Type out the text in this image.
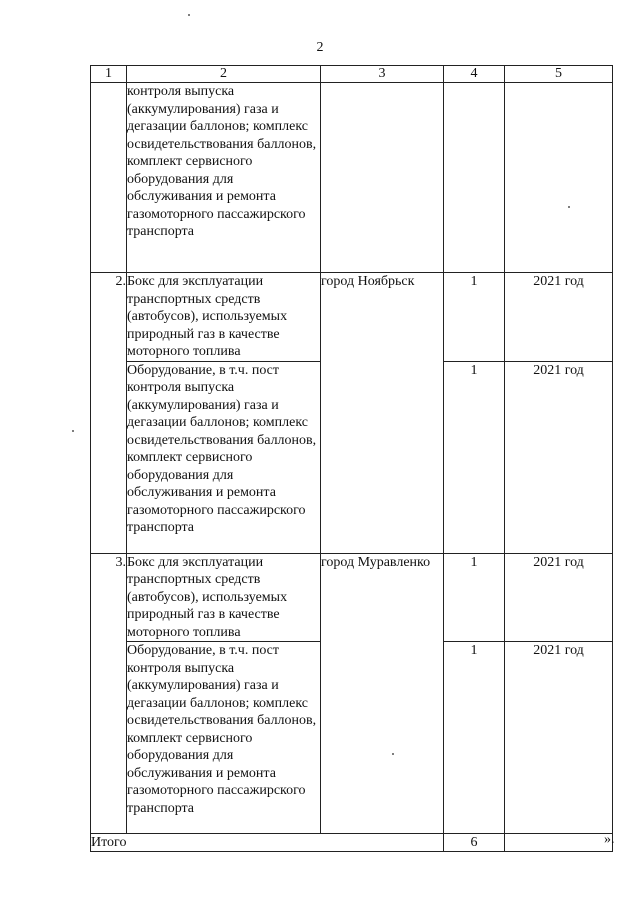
2
1	2	3	4	5
	контроля выпуска (аккумулирования) газа и дегазации баллонов; комплекс освидетельствования баллонов, комплект сервисного оборудования для обслуживания и ремонта газомоторного пассажирского транспорта			
2.	Бокс для эксплуатации транспортных средств (автобусов), используемых природный газ в качестве моторного топлива	город Ноябрьск	1	2021 год
	Оборудование, в т.ч. пост контроля выпуска (аккумулирования) газа и дегазации баллонов; комплекс освидетельствования баллонов, комплект сервисного оборудования для обслуживания и ремонта газомоторного пассажирского транспорта		1	2021 год
3.	Бокс для эксплуатации транспортных средств (автобусов), используемых природный газ в качестве моторного топлива	город Муравленко	1	2021 год
	Оборудование, в т.ч. пост контроля выпуска (аккумулирования) газа и дегазации баллонов; комплекс освидетельствования баллонов, комплект сервисного оборудования для обслуживания и ремонта газомоторного пассажирского транспорта		1	2021 год
Итого			6		».
